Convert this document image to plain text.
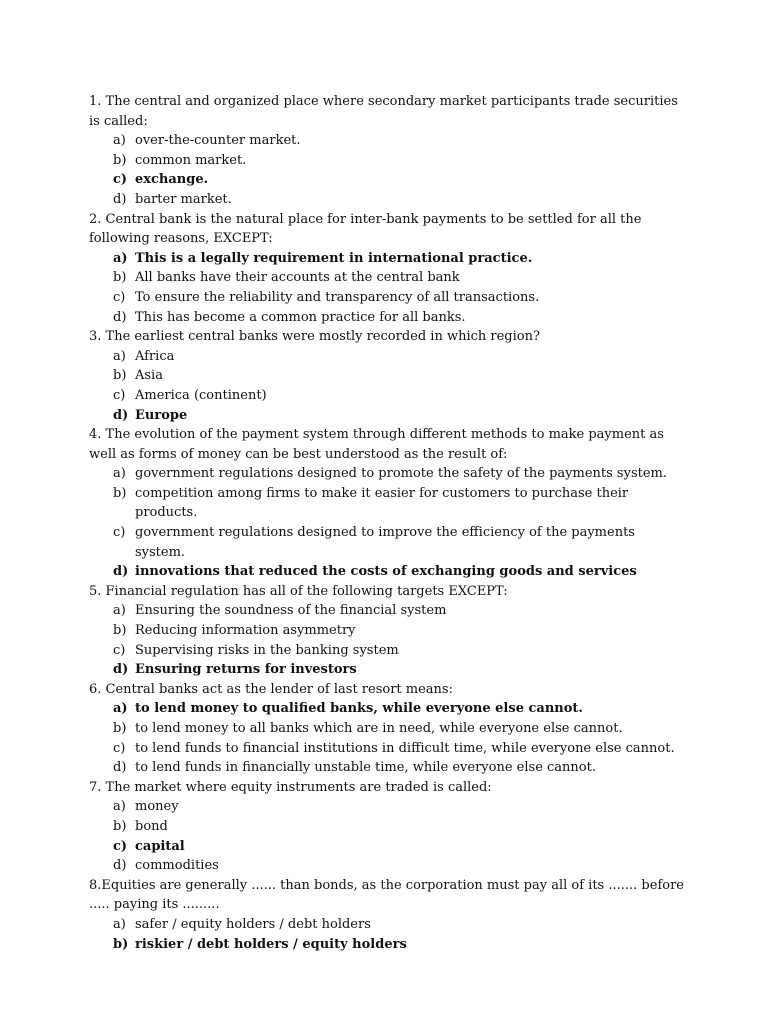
1. The central and organized place where secondary market participants trade securities is called:
a) over-the-counter market.
b) common market.
c) exchange.
d) barter market.
2. Central bank is the natural place for inter-bank payments to be settled for all the following reasons, EXCEPT:
a) This is a legally requirement in international practice.
b) All banks have their accounts at the central bank
c) To ensure the reliability and transparency of all transactions.
d) This has become a common practice for all banks.
3. The earliest central banks were mostly recorded in which region?
a) Africa
b) Asia
c) America (continent)
d) Europe
4. The evolution of the payment system through different methods to make payment as well as forms of money can be best understood as the result of:
a) government regulations designed to promote the safety of the payments system.
b) competition among firms to make it easier for customers to purchase their products.
c) government regulations designed to improve the efficiency of the payments system.
d) innovations that reduced the costs of exchanging goods and services
5. Financial regulation has all of the following targets EXCEPT:
a) Ensuring the soundness of the financial system
b) Reducing information asymmetry
c) Supervising risks in the banking system
d) Ensuring returns for investors
6. Central banks act as the lender of last resort means:
a) to lend money to qualified banks, while everyone else cannot.
b) to lend money to all banks which are in need, while everyone else cannot.
c) to lend funds to financial institutions in difficult time, while everyone else cannot.
d) to lend funds in financially unstable time, while everyone else cannot.
7. The market where equity instruments are traded is called:
a) money
b) bond
c) capital
d) commodities
8.Equities are generally ...... than bonds, as the corporation must pay all of its ....... before ..... paying its .........
a) safer / equity holders / debt holders
b) riskier / debt holders / equity holders
